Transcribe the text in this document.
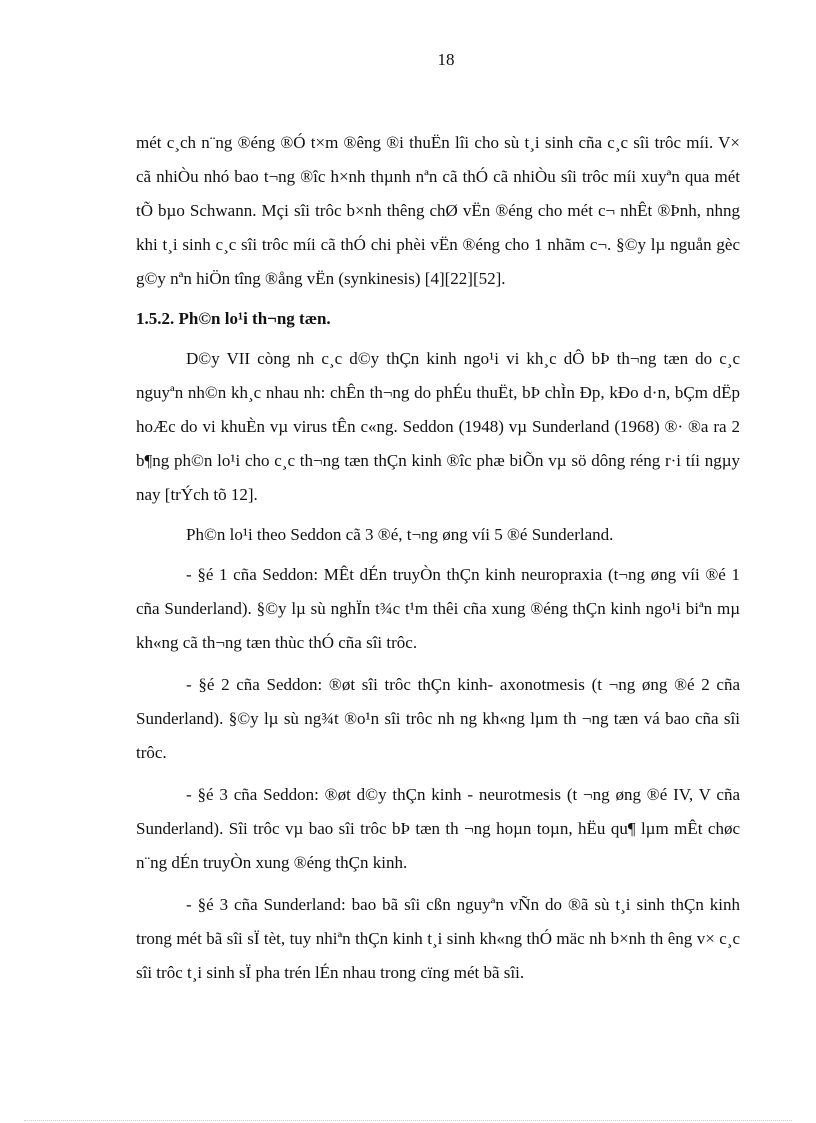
18

mét c¸ch n¨ng ®éng ®Ó t×m ®êng ®i thuËn lîi cho sù t¸i sinh cña c¸c sîi trôc míi. V× cã nhiÒu nhó bao t¬ng ®îc h×nh thµnh nªn cã thÓ cã nhiÒu sîi trôc míi xuyªn qua mét tÕ bµo Schwann. Mçi sîi trôc b×nh thêng chØ vËn ®éng cho mét c¬ nhÊt ®Þnh, nhng khi t¸i sinh c¸c sîi trôc míi cã thÓ chi phèi vËn ®éng cho 1 nhãm c¬. §©y lµ nguån gèc g©y nªn hiÖn tîng ®ång vËn (synkinesis) [4][22][52].

1.5.2. Ph©n lo¹i th¬ng tæn.

D©y VII còng nh c¸c d©y thÇn kinh ngo¹i vi kh¸c dÔ bÞ th¬ng tæn do c¸c nguyªn nh©n kh¸c nhau nh: chÊn th¬ng do phÉu thuËt, bÞ chÌn Ðp, kÐo d·n, bÇm dËp hoÆc do vi khuÈn vµ virus tÊn c«ng. Seddon (1948) vµ Sunderland (1968) ®· ®a ra 2 b¶ng ph©n lo¹i cho c¸c th¬ng tæn thÇn kinh ®îc phæ biÕn vµ sö dông réng r·i tíi ngµy nay [trÝch tõ 12].

Ph©n lo¹i theo Seddon cã 3 ®é, t¬ng øng víi 5 ®é Sunderland.

- §é 1 cña Seddon: MÊt dÉn truyÒn thÇn kinh neuropraxia (t¬ng øng víi ®é 1 cña Sunderland). §©y lµ sù nghÏn t¾c t¹m thêi cña xung ®éng thÇn kinh ngo¹i biªn mµ kh«ng cã th¬ng tæn thùc thÓ cña sîi trôc.

- §é 2 cña Seddon: ®øt sîi trôc thÇn kinh- axonotmesis (t ¬ng øng ®é 2 cña Sunderland). §©y lµ sù ng¾t ®o¹n sîi trôc nh ng kh«ng lµm th ¬ng tæn vá bao cña sîi trôc.

- §é 3 cña Seddon: ®øt d©y thÇn kinh - neurotmesis (t ¬ng øng ®é IV, V cña Sunderland). Sîi trôc vµ bao sîi trôc bÞ tæn th ¬ng hoµn toµn, hËu qu¶ lµm mÊt chøc n¨ng dÉn truyÒn xung ®éng thÇn kinh.

- §é 3 cña Sunderland: bao bã sîi cßn nguyªn vÑn do ®ã sù t¸i sinh thÇn kinh trong mét bã sîi sÏ tèt, tuy nhiªn thÇn kinh t¸i sinh kh«ng thÓ mäc nh b×nh th êng v× c¸c sîi trôc t¸i sinh sÏ pha trén lÉn nhau trong cïng mét bã sîi.
